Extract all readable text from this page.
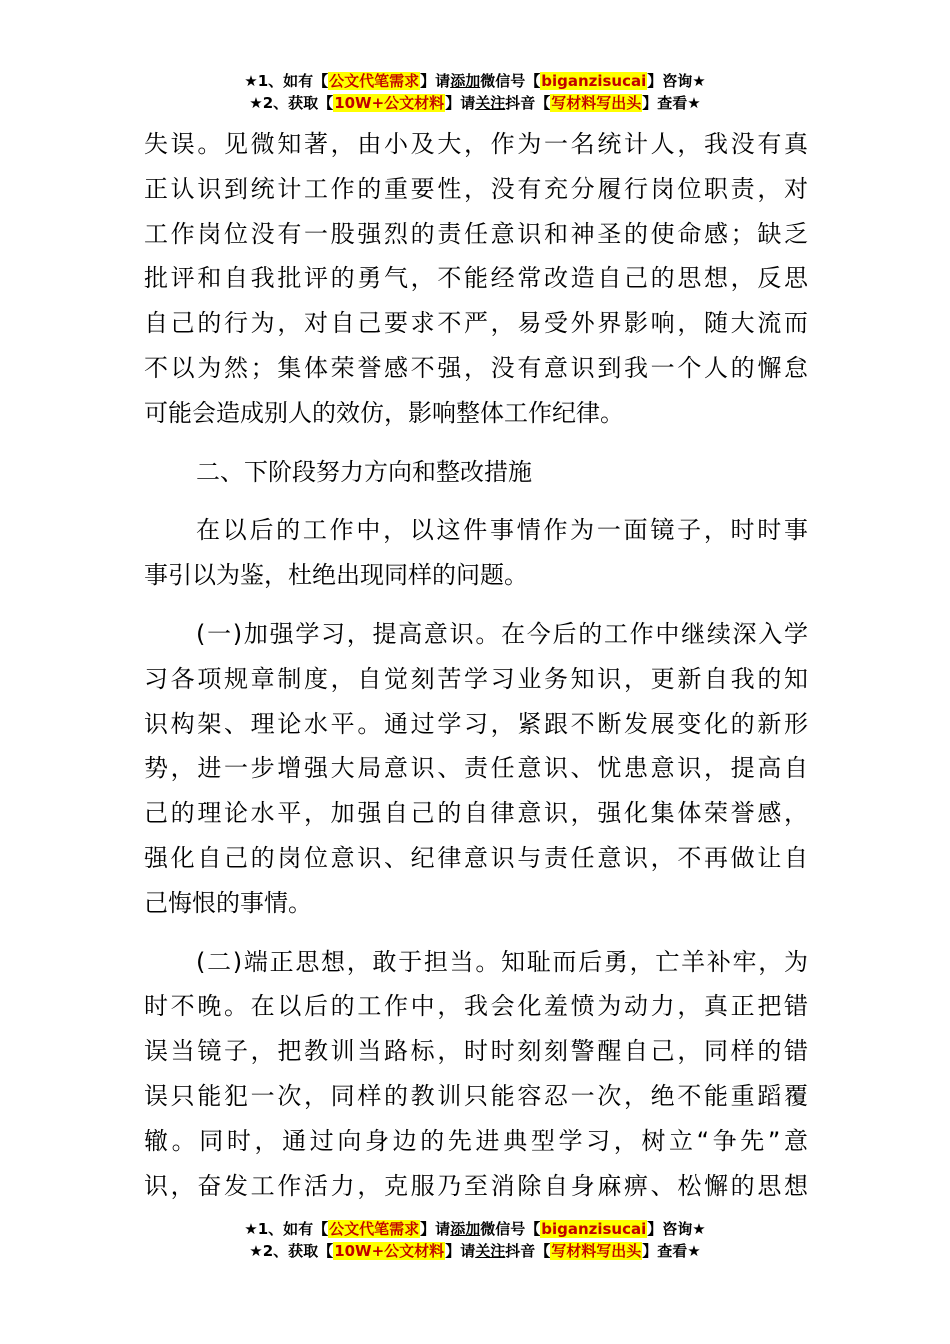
★1、如有【公文代笔需求】请添加微信号【biganzisucai】咨询★
★2、获取【10W+公文材料】请关注抖音【写材料写出头】查看★
失误。见微知著，由小及大，作为一名统计人，我没有真
正认识到统计工作的重要性，没有充分履行岗位职责，对
工作岗位没有一股强烈的责任意识和神圣的使命感；缺乏
批评和自我批评的勇气，不能经常改造自己的思想，反思
自己的行为，对自己要求不严，易受外界影响，随大流而
不以为然；集体荣誉感不强，没有意识到我一个人的懈怠
可能会造成别人的效仿，影响整体工作纪律。
二、下阶段努力方向和整改措施
在以后的工作中，以这件事情作为一面镜子，时时事
事引以为鉴，杜绝出现同样的问题。
(一)加强学习，提高意识。在今后的工作中继续深入学
习各项规章制度，自觉刻苦学习业务知识，更新自我的知
识构架、理论水平。通过学习，紧跟不断发展变化的新形
势，进一步增强大局意识、责任意识、忧患意识，提高自
己的理论水平，加强自己的自律意识，强化集体荣誉感，
强化自己的岗位意识、纪律意识与责任意识，不再做让自
己悔恨的事情。
(二)端正思想，敢于担当。知耻而后勇，亡羊补牢，为
时不晚。在以后的工作中，我会化羞愤为动力，真正把错
误当镜子，把教训当路标，时时刻刻警醒自己，同样的错
误只能犯一次，同样的教训只能容忍一次，绝不能重蹈覆
辙。同时，通过向身边的先进典型学习，树立“争先”意
识，奋发工作活力，克服乃至消除自身麻痹、松懈的思想
★1、如有【公文代笔需求】请添加微信号【biganzisucai】咨询★
★2、获取【10W+公文材料】请关注抖音【写材料写出头】查看★
